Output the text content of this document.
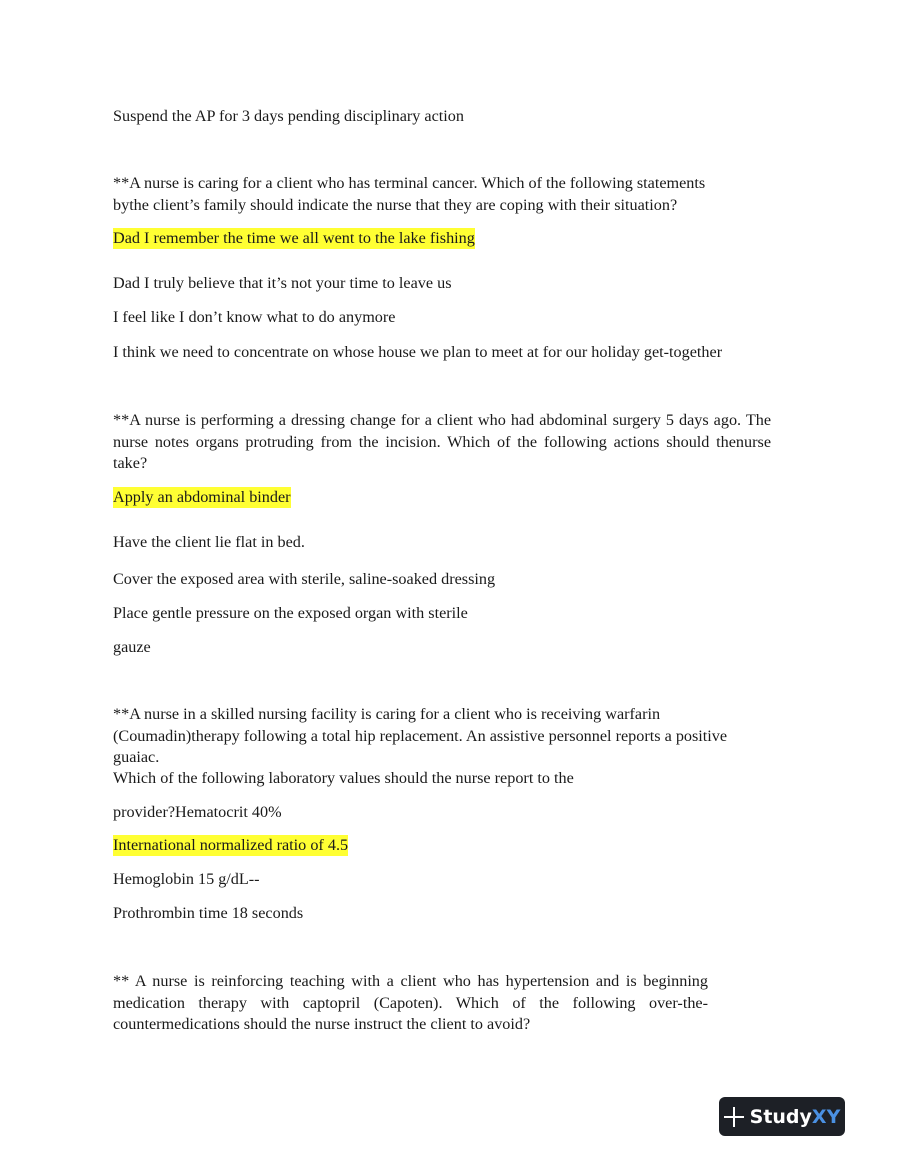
Suspend the AP for 3 days pending disciplinary action
**A nurse is caring for a client who has terminal cancer. Which of the following statements
bythe client’s family should indicate the nurse that they are coping with their situation?
Dad I remember the time we all went to the lake fishing
Dad I truly believe that it’s not your time to leave us
I feel like I don’t know what to do anymore
I think we need to concentrate on whose house we plan to meet at for our holiday get-together
**A nurse is performing a dressing change for a client who had abdominal surgery 5 days ago. The nurse notes organs protruding from the incision. Which of the following actions should thenurse take?
Apply an abdominal binder
Have the client lie flat in bed.
Cover the exposed area with sterile, saline-soaked dressing
Place gentle pressure on the exposed organ with sterile
gauze
**A nurse in a skilled nursing facility is caring for a client who is receiving warfarin
(Coumadin)therapy following a total hip replacement. An assistive personnel reports a positive
guaiac.
Which of the following laboratory values should the nurse report to the
provider?Hematocrit 40%
International normalized ratio of 4.5
Hemoglobin 15 g/dL--
Prothrombin time 18 seconds
** A nurse is reinforcing teaching with a client who has hypertension and is beginning medication therapy with captopril (Capoten). Which of the following over-the-countermedications should the nurse instruct the client to avoid?
StudyXY
